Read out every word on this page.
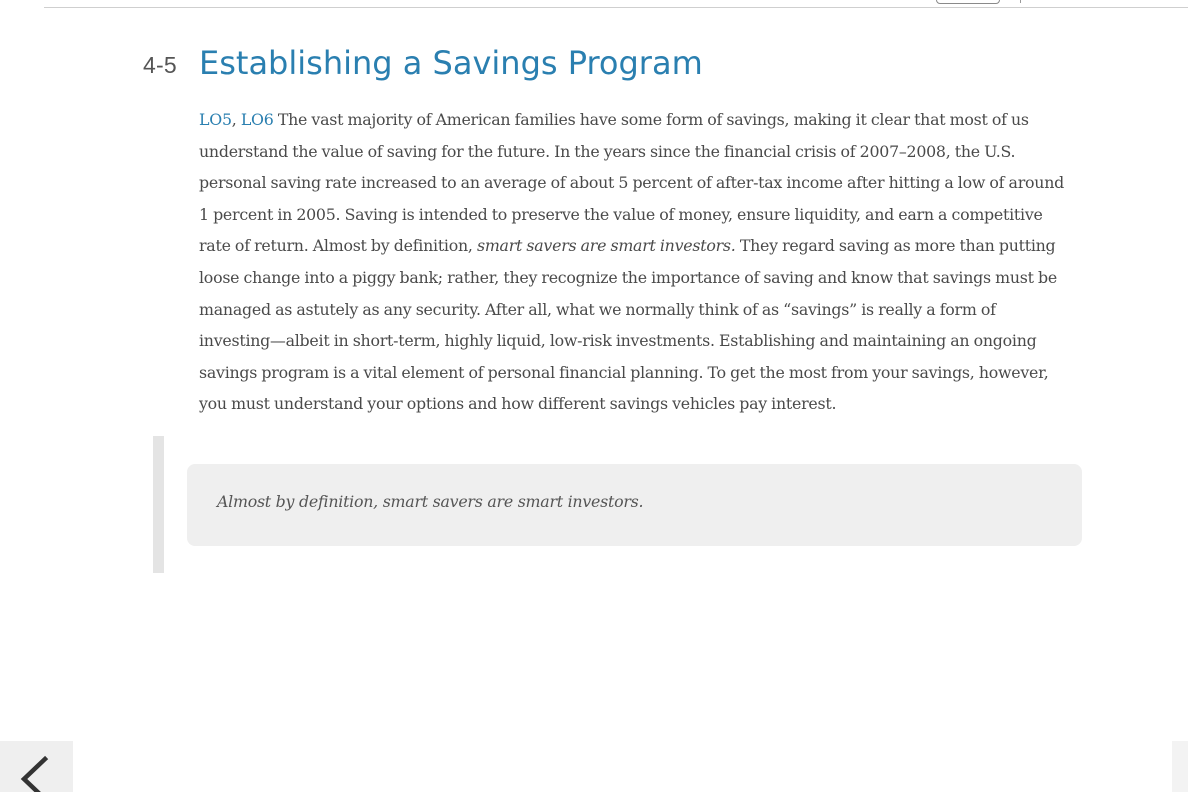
4-5 Establishing a Savings Program

LO5, LO6 The vast majority of American families have some form of savings, making it clear that most of us understand the value of saving for the future. In the years since the financial crisis of 2007–2008, the U.S. personal saving rate increased to an average of about 5 percent of after-tax income after hitting a low of around 1 percent in 2005. Saving is intended to preserve the value of money, ensure liquidity, and earn a competitive rate of return. Almost by definition, smart savers are smart investors. They regard saving as more than putting loose change into a piggy bank; rather, they recognize the importance of saving and know that savings must be managed as astutely as any security. After all, what we normally think of as “savings” is really a form of investing—albeit in short-term, highly liquid, low-risk investments. Establishing and maintaining an ongoing savings program is a vital element of personal financial planning. To get the most from your savings, however, you must understand your options and how different savings vehicles pay interest.

Almost by definition, smart savers are smart investors.
